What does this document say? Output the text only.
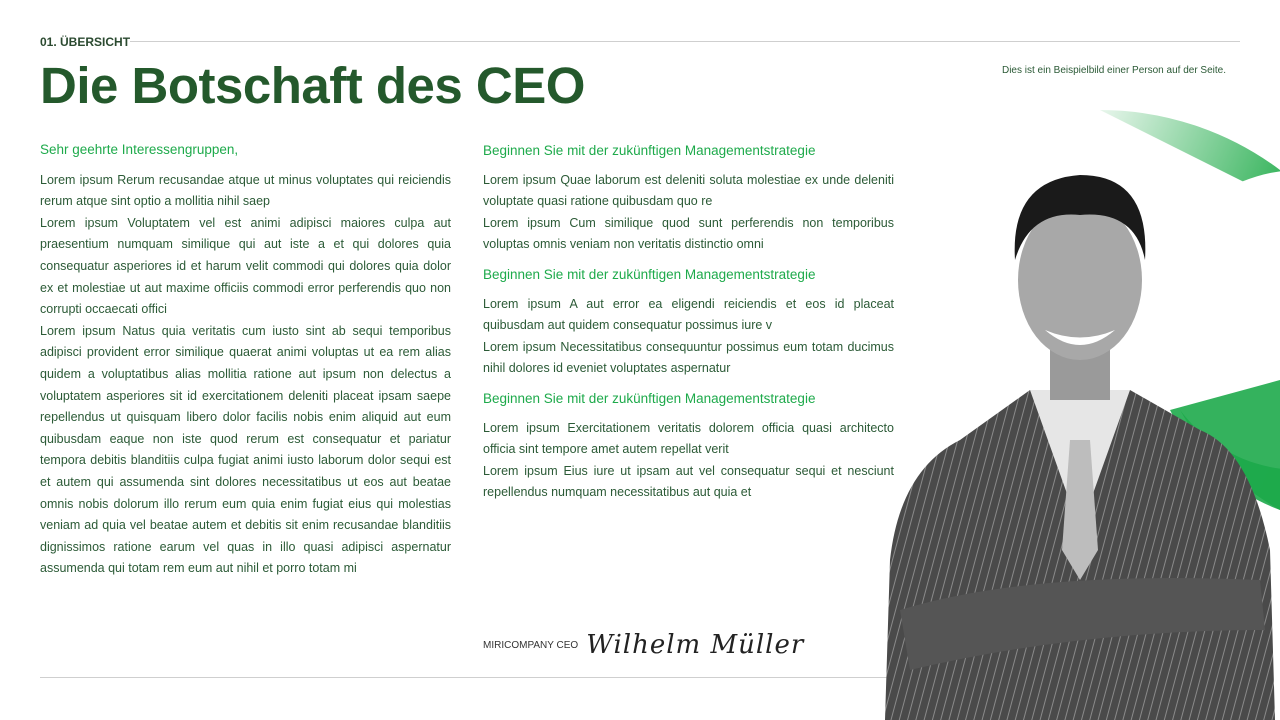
01. ÜBERSICHT
Die Botschaft des CEO	Dies ist ein Beispielbild einer Person auf der Seite.

Sehr geehrte Interessengruppen,

Lorem ipsum Rerum recusandae atque ut minus voluptates qui reiciendis rerum atque sint optio a mollitia nihil saep

Lorem ipsum Voluptatem vel est animi adipisci maiores culpa aut praesentium numquam similique qui aut iste a et qui dolores quia consequatur asperiores id et harum velit commodi qui dolores quia dolor ex et molestiae ut aut maxime officiis commodi error perferendis quo non corrupti occaecati offici

Lorem ipsum Natus quia veritatis cum iusto sint ab sequi temporibus adipisci provident error similique quaerat animi voluptas ut ea rem alias quidem a voluptatibus alias mollitia ratione aut ipsum non delectus a voluptatem asperiores sit id exercitationem deleniti placeat ipsam saepe repellendus ut quisquam libero dolor facilis nobis enim aliquid aut eum quibusdam eaque non iste quod rerum est consequatur et pariatur tempora debitis blanditiis culpa fugiat animi iusto laborum dolor sequi est et autem qui assumenda sint dolores necessitatibus ut eos aut beatae omnis nobis dolorum illo rerum eum quia enim fugiat eius qui molestias veniam ad quia vel beatae autem et debitis sit enim recusandae blanditiis dignissimos ratione earum vel quas in illo quasi adipisci aspernatur assumenda qui totam rem eum aut nihil et porro totam mi

Beginnen Sie mit der zukünftigen Managementstrategie

Lorem ipsum Quae laborum est deleniti soluta molestiae ex unde deleniti voluptate quasi ratione quibusdam quo re

Lorem ipsum Cum similique quod sunt perferendis non temporibus voluptas omnis veniam non veritatis distinctio omni

Beginnen Sie mit der zukünftigen Managementstrategie

Lorem ipsum A aut error ea eligendi reiciendis et eos id placeat quibusdam aut quidem consequatur possimus iure v

Lorem ipsum Necessitatibus consequuntur possimus eum totam ducimus nihil dolores id eveniet voluptates aspernatur

Beginnen Sie mit der zukünftigen Managementstrategie

Lorem ipsum Exercitationem veritatis dolorem officia quasi architecto officia sint tempore amet autem repellat verit

Lorem ipsum Eius iure ut ipsam aut vel consequatur sequi et nesciunt repellendus numquam necessitatibus aut quia et

MIRICOMPANY CEO Wilhelm Müller
